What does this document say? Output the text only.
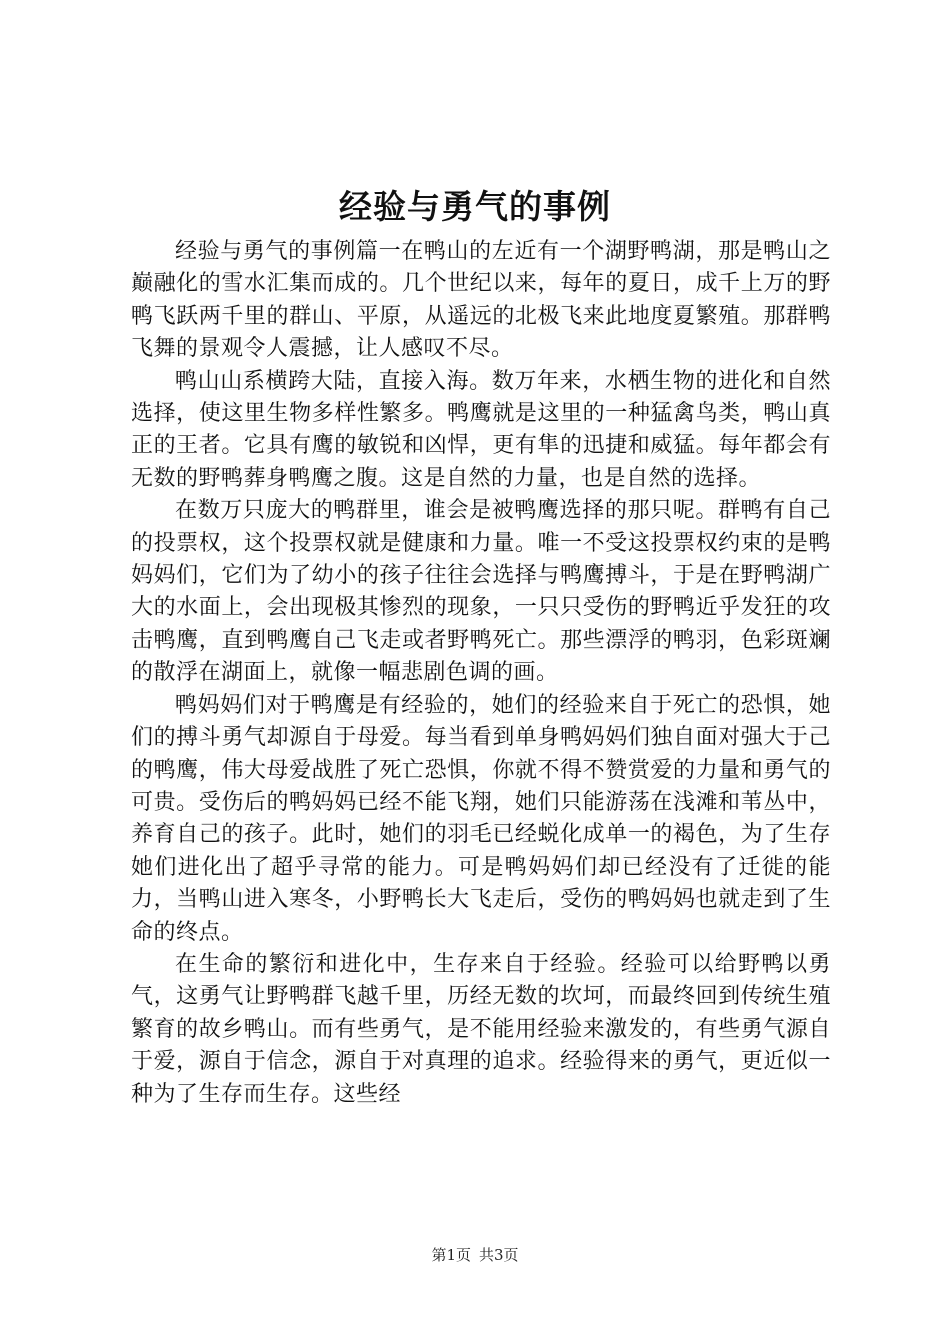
经验与勇气的事例

经验与勇气的事例篇一在鸭山的左近有一个湖野鸭湖，那是鸭山之巅融化的雪水汇集而成的。几个世纪以来，每年的夏日，成千上万的野鸭飞跃两千里的群山、平原，从遥远的北极飞来此地度夏繁殖。那群鸭飞舞的景观令人震撼，让人感叹不尽。

鸭山山系横跨大陆，直接入海。数万年来，水栖生物的进化和自然选择，使这里生物多样性繁多。鸭鹰就是这里的一种猛禽鸟类，鸭山真正的王者。它具有鹰的敏锐和凶悍，更有隼的迅捷和威猛。每年都会有无数的野鸭葬身鸭鹰之腹。这是自然的力量，也是自然的选择。

在数万只庞大的鸭群里，谁会是被鸭鹰选择的那只呢。群鸭有自己的投票权，这个投票权就是健康和力量。唯一不受这投票权约束的是鸭妈妈们，它们为了幼小的孩子往往会选择与鸭鹰搏斗，于是在野鸭湖广大的水面上，会出现极其惨烈的现象，一只只受伤的野鸭近乎发狂的攻击鸭鹰，直到鸭鹰自己飞走或者野鸭死亡。那些漂浮的鸭羽，色彩斑斓的散浮在湖面上，就像一幅悲剧色调的画。

鸭妈妈们对于鸭鹰是有经验的，她们的经验来自于死亡的恐惧，她们的搏斗勇气却源自于母爱。每当看到单身鸭妈妈们独自面对强大于己的鸭鹰，伟大母爱战胜了死亡恐惧，你就不得不赞赏爱的力量和勇气的可贵。受伤后的鸭妈妈已经不能飞翔，她们只能游荡在浅滩和苇丛中，养育自己的孩子。此时，她们的羽毛已经蜕化成单一的褐色，为了生存她们进化出了超乎寻常的能力。可是鸭妈妈们却已经没有了迁徙的能力，当鸭山进入寒冬，小野鸭长大飞走后，受伤的鸭妈妈也就走到了生命的终点。

在生命的繁衍和进化中，生存来自于经验。经验可以给野鸭以勇气，这勇气让野鸭群飞越千里，历经无数的坎坷，而最终回到传统生殖繁育的故乡鸭山。而有些勇气，是不能用经验来激发的，有些勇气源自于爱，源自于信念，源自于对真理的追求。经验得来的勇气，更近似一种为了生存而生存。这些经

第1页 共3页
